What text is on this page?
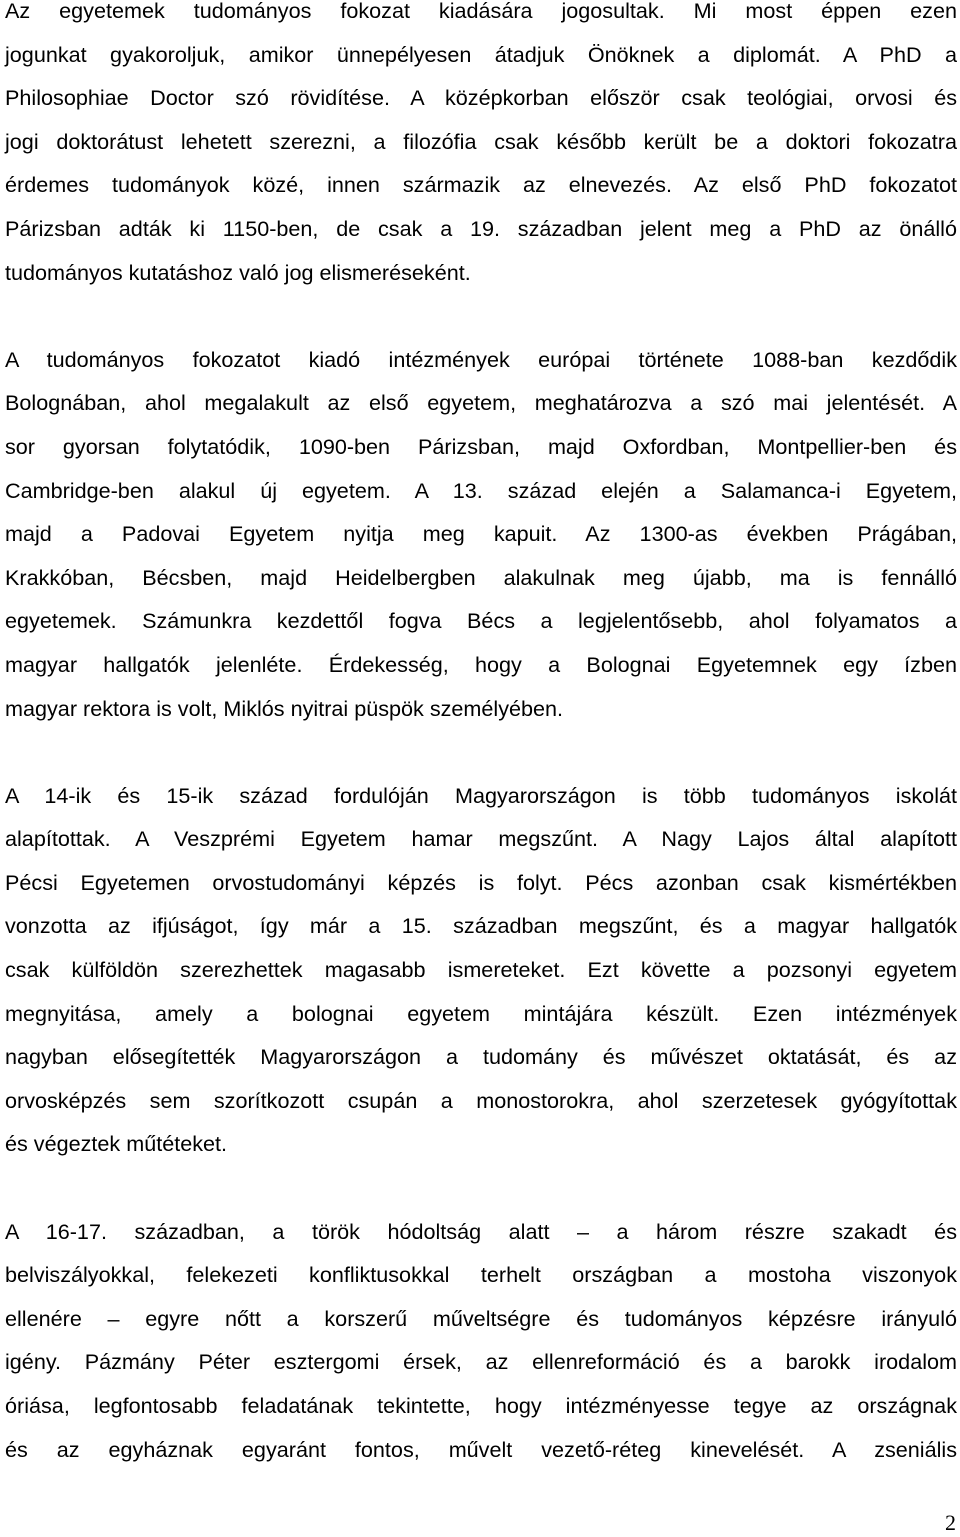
Az egyetemek tudományos fokozat kiadására jogosultak. Mi most éppen ezen
jogunkat gyakoroljuk, amikor ünnepélyesen átadjuk Önöknek a diplomát. A PhD a
Philosophiae Doctor szó rövidítése. A középkorban először csak teológiai, orvosi és
jogi doktorátust lehetett szerezni, a filozófia csak később került be a doktori fokozatra
érdemes tudományok közé, innen származik az elnevezés. Az első PhD fokozatot
Párizsban adták ki 1150-ben, de csak a 19. században jelent meg a PhD az önálló
tudományos kutatáshoz való jog elismeréseként.
A tudományos fokozatot kiadó intézmények európai története 1088-ban kezdődik
Bolognában, ahol megalakult az első egyetem, meghatározva a szó mai jelentését. A
sor gyorsan folytatódik, 1090-ben Párizsban, majd Oxfordban, Montpellier-ben és
Cambridge-ben alakul új egyetem. A 13. század elején a Salamanca-i Egyetem,
majd a Padovai Egyetem nyitja meg kapuit. Az 1300-as években Prágában,
Krakkóban, Bécsben, majd Heidelbergben alakulnak meg újabb, ma is fennálló
egyetemek. Számunkra kezdettől fogva Bécs a legjelentősebb, ahol folyamatos a
magyar hallgatók jelenléte. Érdekesség, hogy a Bolognai Egyetemnek egy ízben
magyar rektora is volt, Miklós nyitrai püspök személyében.
A 14-ik és 15-ik század fordulóján Magyarországon is több tudományos iskolát
alapítottak. A Veszprémi Egyetem hamar megszűnt. A Nagy Lajos által alapított
Pécsi Egyetemen orvostudományi képzés is folyt. Pécs azonban csak kismértékben
vonzotta az ifjúságot, így már a 15. században megszűnt, és a magyar hallgatók
csak külföldön szerezhettek magasabb ismereteket. Ezt követte a pozsonyi egyetem
megnyitása, amely a bolognai egyetem mintájára készült. Ezen intézmények
nagyban elősegítették Magyarországon a tudomány és művészet oktatását, és az
orvosképzés sem szorítkozott csupán a monostorokra, ahol szerzetesek gyógyítottak
és végeztek műtéteket.
A 16-17. században, a török hódoltság alatt – a három részre szakadt és
belviszályokkal, felekezeti konfliktusokkal terhelt országban a mostoha viszonyok
ellenére – egyre nőtt a korszerű műveltségre és tudományos képzésre irányuló
igény. Pázmány Péter esztergomi érsek, az ellenreformáció és a barokk irodalom
óriása, legfontosabb feladatának tekintette, hogy intézményesse tegye az országnak
és az egyháznak egyaránt fontos, művelt vezető-réteg kinevelését. A zseniális
2
